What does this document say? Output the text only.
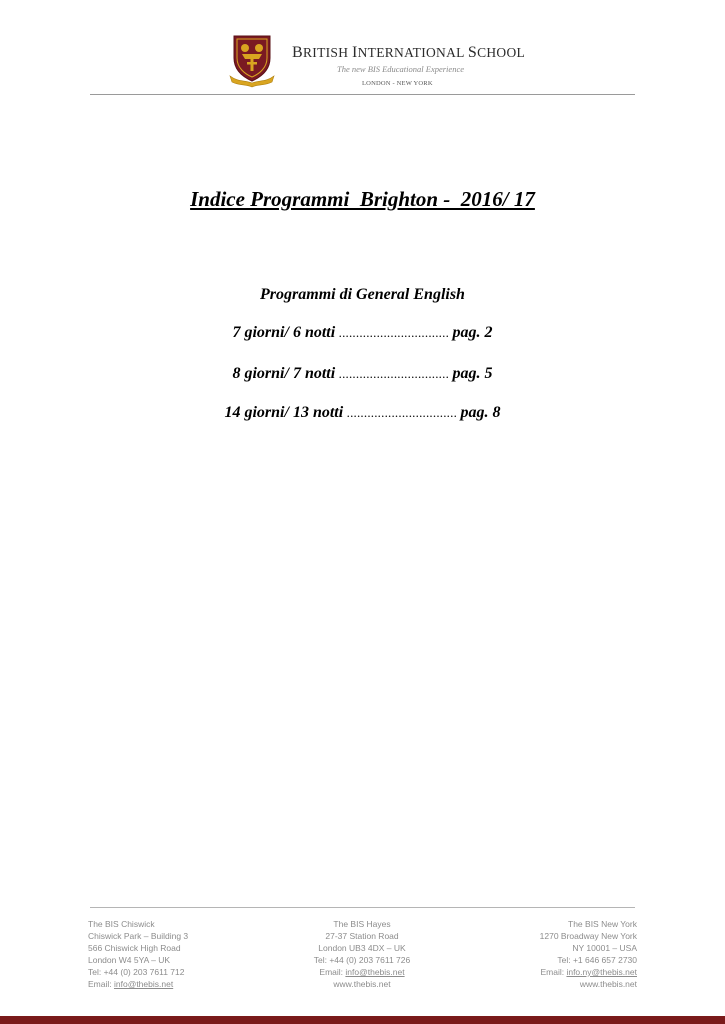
BRITISH INTERNATIONAL SCHOOL
The new BIS Educational Experience
LONDON - NEW YORK
Indice Programmi  Brighton -  2016/ 17
Programmi di General English
7 giorni/ 6 notti ................................ pag. 2
8 giorni/ 7 notti ................................ pag. 5
14 giorni/ 13 notti ................................ pag. 8
The BIS Chiswick
Chiswick Park – Building 3
566 Chiswick High Road
London W4 5YA – UK
Tel: +44 (0) 203 7611 712
Email: info@thebis.net
The BIS Hayes
27-37 Station Road
London UB3 4DX – UK
Tel: +44 (0) 203 7611 726
Email: info@thebis.net
www.thebis.net
The BIS New York
1270 Broadway New York
NY 10001 – USA
Tel: +1 646 657 2730
Email: info.ny@thebis.net
www.thebis.net
